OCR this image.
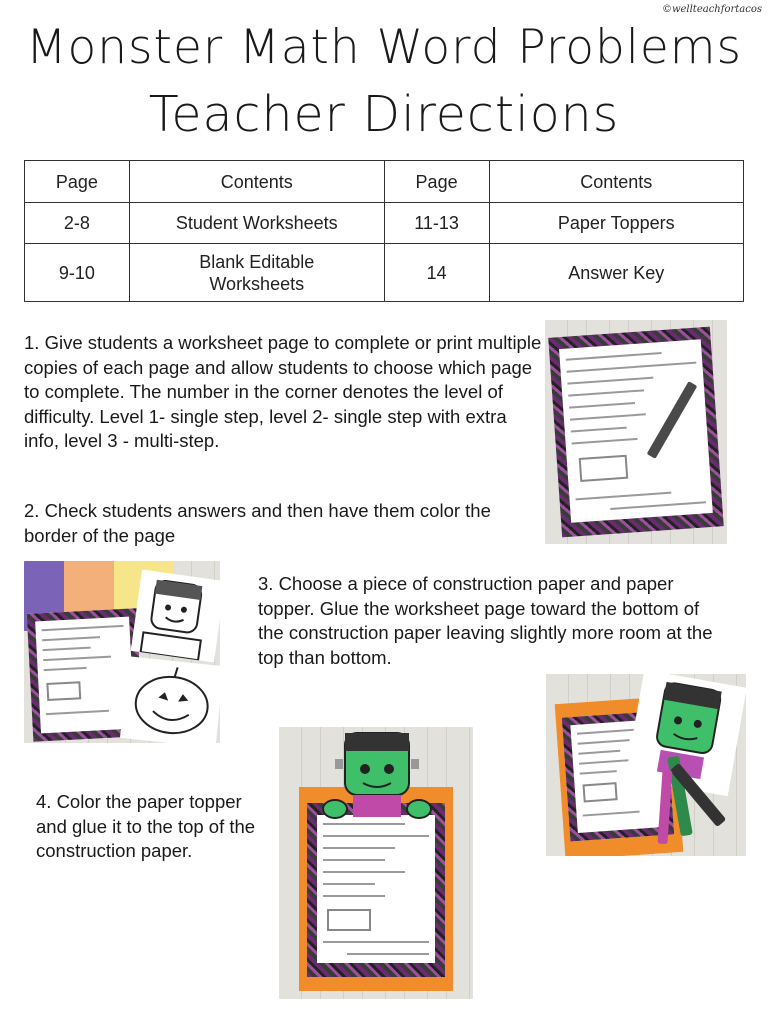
©wellteachfortacos
Monster Math Word Problems
Teacher Directions
Page	Contents	Page	Contents
2-8	Student Worksheets	11-13	Paper Toppers
9-10	Blank Editable Worksheets	14	Answer Key

1. Give students a worksheet page to complete or print multiple copies of each page and allow students to choose which page to complete. The number in the corner denotes the level of difficulty. Level 1- single step, level 2- single step with extra info, level 3 - multi-step.

2. Check students answers and then have them color the border of the page

3. Choose a piece of construction paper and paper topper. Glue the worksheet page toward the bottom of the construction paper leaving slightly more room at the top than bottom.

4. Color the paper topper and glue it to the top of the construction paper.
